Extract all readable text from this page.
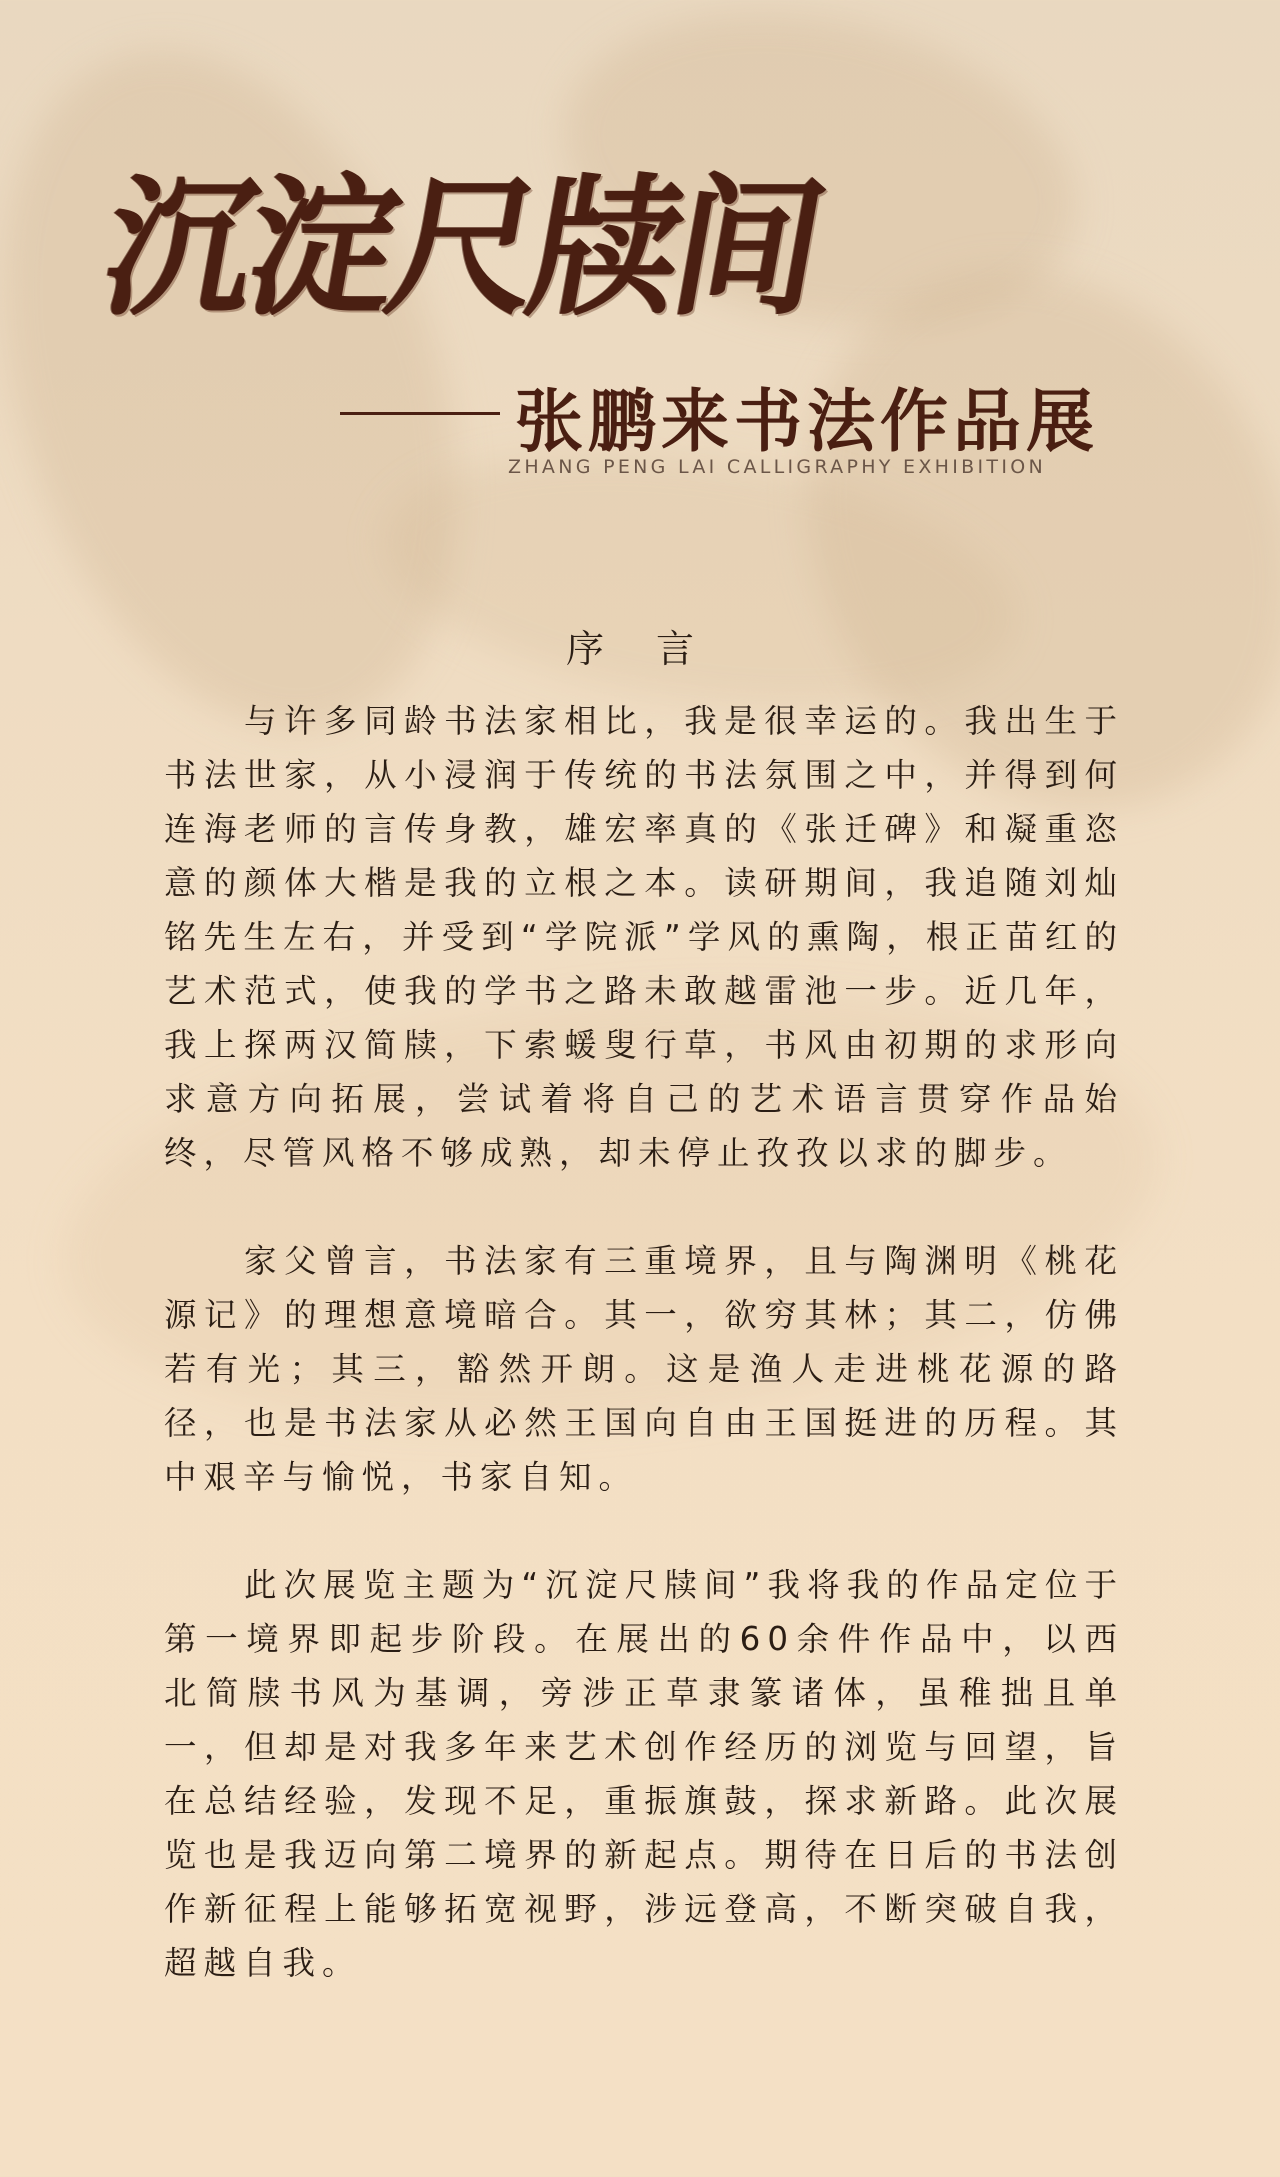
沉淀尺牍间
张鹏来书法作品展
ZHANG PENG LAI CALLIGRAPHY EXHIBITION
序 言

与许多同龄书法家相比，我是很幸运的。我出生于书法世家，从小浸润于传统的书法氛围之中，并得到何连海老师的言传身教，雄宏率真的《张迁碑》和凝重恣意的颜体大楷是我的立根之本。读研期间，我追随刘灿铭先生左右，并受到“学院派”学风的熏陶，根正苗红的艺术范式，使我的学书之路未敢越雷池一步。近几年，我上探两汉简牍，下索蝯叟行草，书风由初期的求形向求意方向拓展，尝试着将自己的艺术语言贯穿作品始终，尽管风格不够成熟，却未停止孜孜以求的脚步。

家父曾言，书法家有三重境界，且与陶渊明《桃花源记》的理想意境暗合。其一，欲穷其林；其二，仿佛若有光；其三，豁然开朗。这是渔人走进桃花源的路径，也是书法家从必然王国向自由王国挺进的历程。其中艰辛与愉悦，书家自知。

此次展览主题为“沉淀尺牍间”我将我的作品定位于第一境界即起步阶段。在展出的60余件作品中，以西北简牍书风为基调，旁涉正草隶篆诸体，虽稚拙且单一，但却是对我多年来艺术创作经历的浏览与回望，旨在总结经验，发现不足，重振旗鼓，探求新路。此次展览也是我迈向第二境界的新起点。期待在日后的书法创作新征程上能够拓宽视野，涉远登高，不断突破自我，超越自我。
